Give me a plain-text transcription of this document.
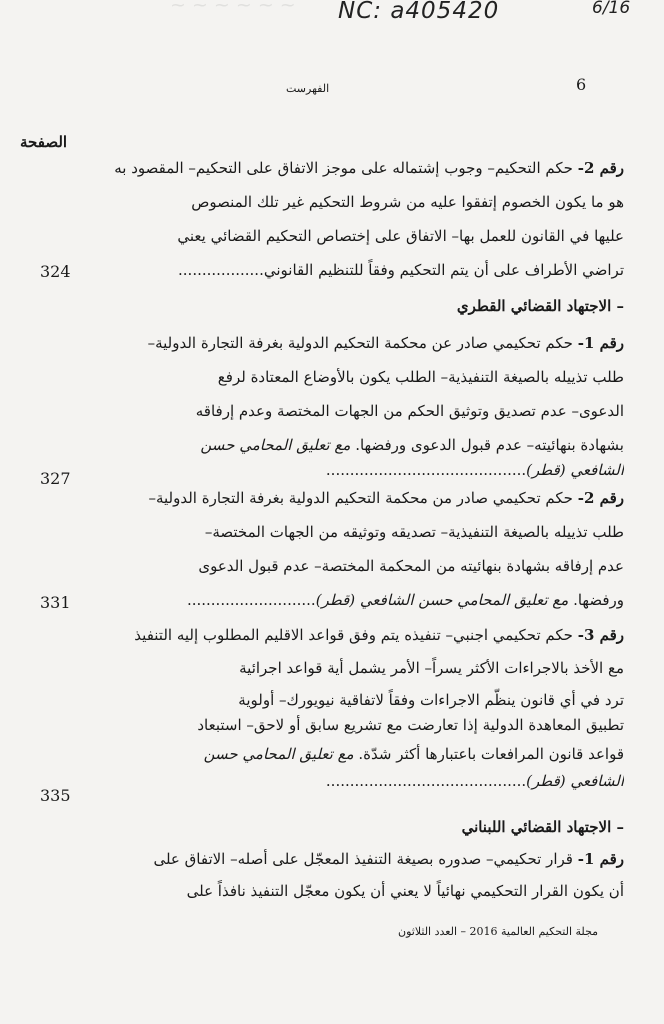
~ ~ ~ ~ ~ ~ NC: a405420	6/16
6
الفهرست
الصفحة
رقم 2- حكم التحكيم– وجوب إشتماله على موجز الاتفاق على التحكيم– المقصود به
هو ما يكون الخصوم إتفقوا عليه من شروط التحكيم غير تلك المنصوص
عليها في القانون للعمل بها– الاتفاق على إختصاص التحكيم القضائي يعني
تراضي الأطراف على أن يتم التحكيم وفقاً للتنظيم القانوني..................
324
– الاجتهاد القضائي القطري
رقم 1- حكم تحكيمي صادر عن محكمة التحكيم الدولية بغرفة التجارة الدولية–
طلب تذييله بالصيغة التنفيذية– الطلب يكون بالأوضاع المعتادة لرفع
الدعوى– عدم تصديق وتوثيق الحكم من الجهات المختصة وعدم إرفاقه
بشهادة بنهائيته– عدم قبول الدعوى ورفضها. مع تعليق المحامي حسن
الشافعي (قطر)..........................................
327
رقم 2- حكم تحكيمي صادر من محكمة التحكيم الدولية بغرفة التجارة الدولية–
طلب تذييله بالصيغة التنفيذية– تصديقه وتوثيقه من الجهات المختصة–
عدم إرفاقه بشهادة بنهائيته من المحكمة المختصة– عدم قبول الدعوى
ورفضها. مع تعليق المحامي حسن الشافعي (قطر)...........................
331
رقم 3- حكم تحكيمي اجنبي– تنفيذه يتم وفق قواعد الاقليم المطلوب إليه التنفيذ
مع الأخذ بالاجراءات الأكثر يسراً– الأمر يشمل أية قواعد اجرائية
ترد في أي قانون ينظّم الاجراءات وفقاً لاتفاقية نيويورك– أولوية
تطبيق المعاهدة الدولية إذا تعارضت مع تشريع سابق أو لاحق– استبعاد
قواعد قانون المرافعات باعتبارها أكثر شدّة. مع تعليق المحامي حسن
الشافعي (قطر)..........................................
335
– الاجتهاد القضائي اللبناني
رقم 1- قرار تحكيمي– صدوره بصيغة التنفيذ المعجّل على أصله– الاتفاق على
أن يكون القرار التحكيمي نهائياً لا يعني أن يكون معجّل التنفيذ نافذاً على
مجلة التحكيم العالمية 2016 – العدد الثلاثون
